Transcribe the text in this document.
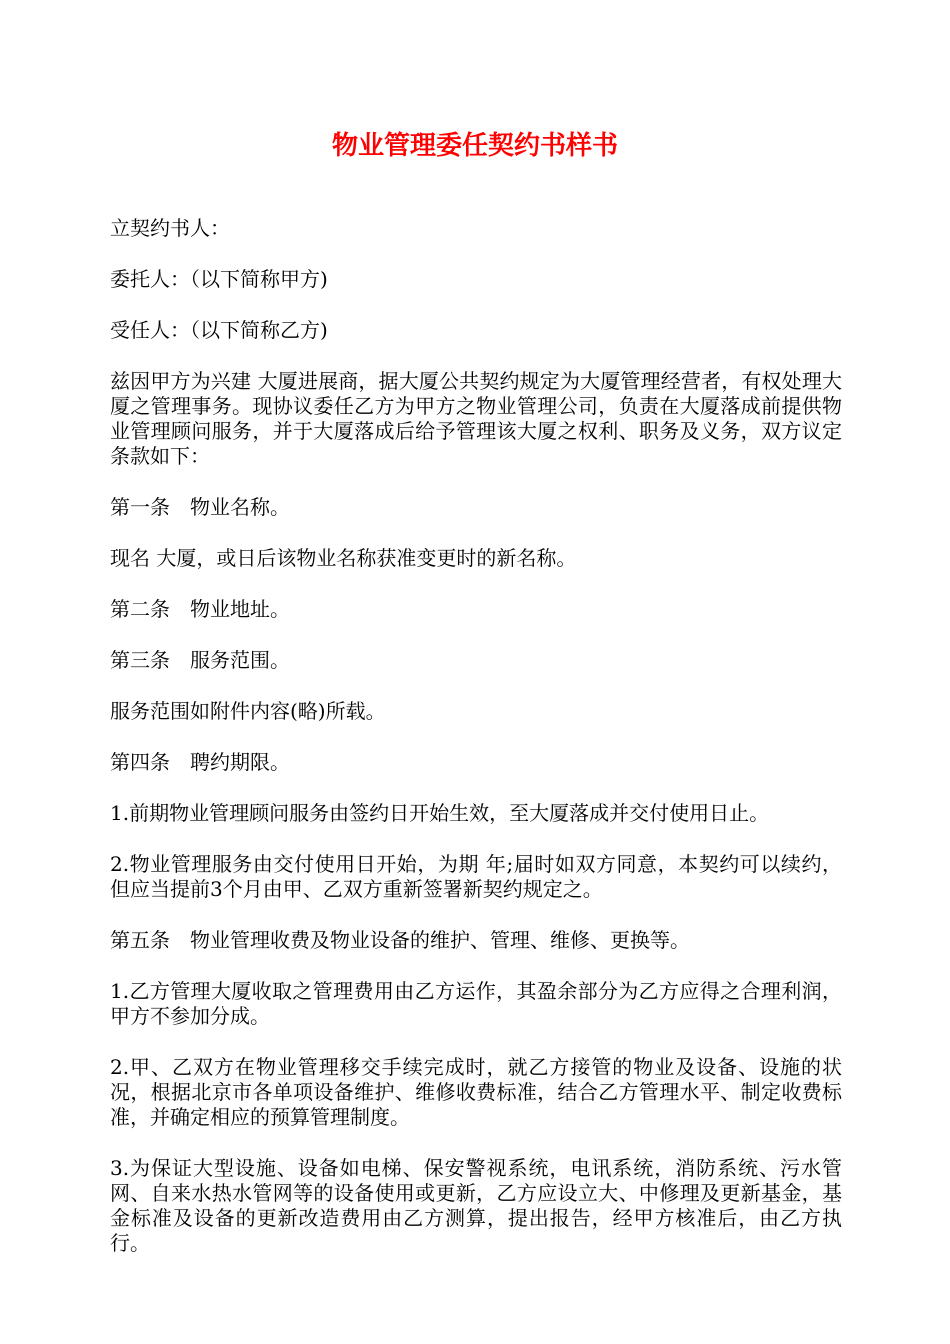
物业管理委任契约书样书

立契约书人：

委托人：（以下简称甲方)

受任人：（以下简称乙方)

兹因甲方为兴建 大厦进展商，据大厦公共契约规定为大厦管理经营者，有权处理大厦之管理事务。现协议委任乙方为甲方之物业管理公司，负责在大厦落成前提供物业管理顾问服务，并于大厦落成后给予管理该大厦之权利、职务及义务，双方议定条款如下：

第一条　物业名称。

现名 大厦，或日后该物业名称获准变更时的新名称。

第二条　物业地址。

第三条　服务范围。

服务范围如附件内容(略)所载。

第四条　聘约期限。

1.前期物业管理顾问服务由签约日开始生效，至大厦落成并交付使用日止。

2.物业管理服务由交付使用日开始，为期 年;届时如双方同意，本契约可以续约，但应当提前3个月由甲、乙双方重新签署新契约规定之。

第五条　物业管理收费及物业设备的维护、管理、维修、更换等。

1.乙方管理大厦收取之管理费用由乙方运作，其盈余部分为乙方应得之合理利润，甲方不参加分成。

2.甲、乙双方在物业管理移交手续完成时，就乙方接管的物业及设备、设施的状况，根据北京市各单项设备维护、维修收费标准，结合乙方管理水平、制定收费标准，并确定相应的预算管理制度。

3.为保证大型设施、设备如电梯、保安警视系统，电讯系统，消防系统、污水管网、自来水热水管网等的设备使用或更新，乙方应设立大、中修理及更新基金，基金标准及设备的更新改造费用由乙方测算，提出报告，经甲方核准后，由乙方执行。
